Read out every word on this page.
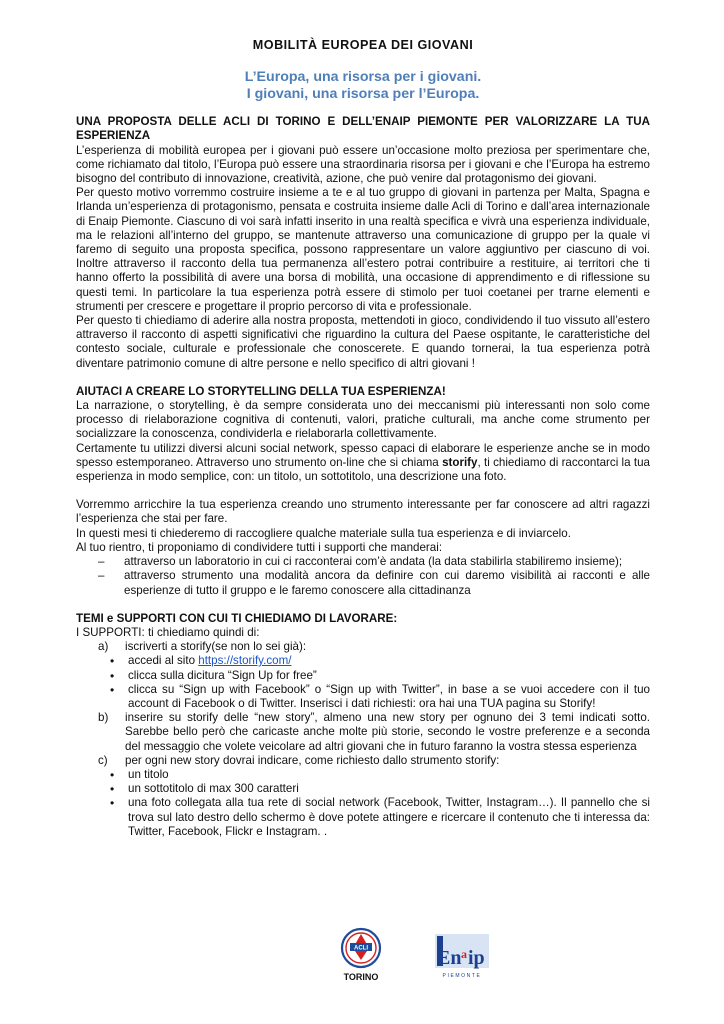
MOBILITÀ EUROPEA DEI GIOVANI
L’Europa, una risorsa per i giovani.
I giovani, una risorsa per l’Europa.

UNA PROPOSTA DELLE ACLI DI TORINO E DELL’ENAIP PIEMONTE PER VALORIZZARE LA TUA ESPERIENZA

L’esperienza di mobilità europea per i giovani può essere un’occasione molto preziosa per sperimentare che, come richiamato dal titolo, l’Europa può essere una straordinaria risorsa per i giovani e che l’Europa ha estremo bisogno del contributo di innovazione, creatività, azione, che può venire dal protagonismo dei giovani.

Per questo motivo vorremmo costruire insieme a te e al tuo gruppo di giovani in partenza per Malta, Spagna e Irlanda un’esperienza di protagonismo, pensata e costruita insieme dalle Acli di Torino e dall’area internazionale di Enaip Piemonte. Ciascuno di voi sarà infatti inserito in una realtà specifica e vivrà una esperienza individuale, ma le relazioni all’interno del gruppo, se mantenute attraverso una comunicazione di gruppo per la quale vi faremo di seguito una proposta specifica, possono rappresentare un valore aggiuntivo per ciascuno di voi. Inoltre attraverso il racconto della tua permanenza all’estero potrai contribuire a restituire, ai territori che ti hanno offerto la possibilità di avere una borsa di mobilità, una occasione di apprendimento e di riflessione su questi temi. In particolare la tua esperienza potrà essere di stimolo per tuoi coetanei per trarne elementi e strumenti per crescere e progettare il proprio percorso di vita e professionale.

Per questo ti chiediamo di aderire alla nostra proposta, mettendoti in gioco, condividendo il tuo vissuto all’estero attraverso il racconto di aspetti significativi che riguardino la cultura del Paese ospitante, le caratteristiche del contesto sociale, culturale e professionale che conoscerete. E quando tornerai, la tua esperienza potrà diventare patrimonio comune di altre persone e nello specifico di altri giovani !

AIUTACI A CREARE LO STORYTELLING DELLA TUA ESPERIENZA!

La narrazione, o storytelling, è da sempre considerata uno dei meccanismi più interessanti non solo come processo di rielaborazione cognitiva di contenuti, valori, pratiche culturali, ma anche come strumento per socializzare la conoscenza, condividerla e rielaborarla collettivamente.

Certamente tu utilizzi diversi alcuni social network, spesso capaci di elaborare le esperienze anche se in modo spesso estemporaneo. Attraverso uno strumento on-line che si chiama storify, ti chiediamo di raccontarci la tua esperienza in modo semplice, con: un titolo, un sottotitolo, una descrizione una foto.

Vorremmo arricchire la tua esperienza creando uno strumento interessante per far conoscere ad altri ragazzi l’esperienza che stai per fare.

In questi mesi ti chiederemo di raccogliere qualche materiale sulla tua esperienza e di inviarcelo.

Al tuo rientro, ti proponiamo di condividere tutti i supporti che manderai:

– attraverso un laboratorio in cui ci racconterai com’è andata (la data stabilirla stabiliremo insieme);
– attraverso strumento una modalità ancora da definire con cui daremo visibilità ai racconti e alle esperienze di tutto il gruppo e le faremo conoscere alla cittadinanza

TEMI e SUPPORTI CON CUI TI CHIEDIAMO DI LAVORARE:

I SUPPORTI: ti chiediamo quindi di:

a)	iscriverti a storify(se non lo sei già):
• accedi al sito https://storify.com/
• clicca sulla dicitura “Sign Up for free”
• clicca su “Sign up with Facebook” o “Sign up with Twitter”, in base a se vuoi accedere con il tuo account di Facebook o di Twitter. Inserisci i dati richiesti: ora hai una TUA pagina su Storify!
b)	inserire su storify delle “new story”, almeno una new story per ognuno dei 3 temi indicati sotto. Sarebbe bello però che caricaste anche molte più storie, secondo le vostre preferenze e a seconda del messaggio che volete veicolare ad altri giovani che in futuro faranno la vostra stessa esperienza
c)	per ogni new story dovrai indicare, come richiesto dallo strumento storify:
• un titolo
• un sottotitolo di max 300 caratteri
• una foto collegata alla tua rete di social network (Facebook, Twitter, Instagram…). Il pannello che si trova sul lato destro dello schermo è dove potete attingere e ricercare il contenuto che ti interessa da: Twitter, Facebook, Flickr e Instagram. .
ACLI
TORINO
En a ip
PIEMONTE
